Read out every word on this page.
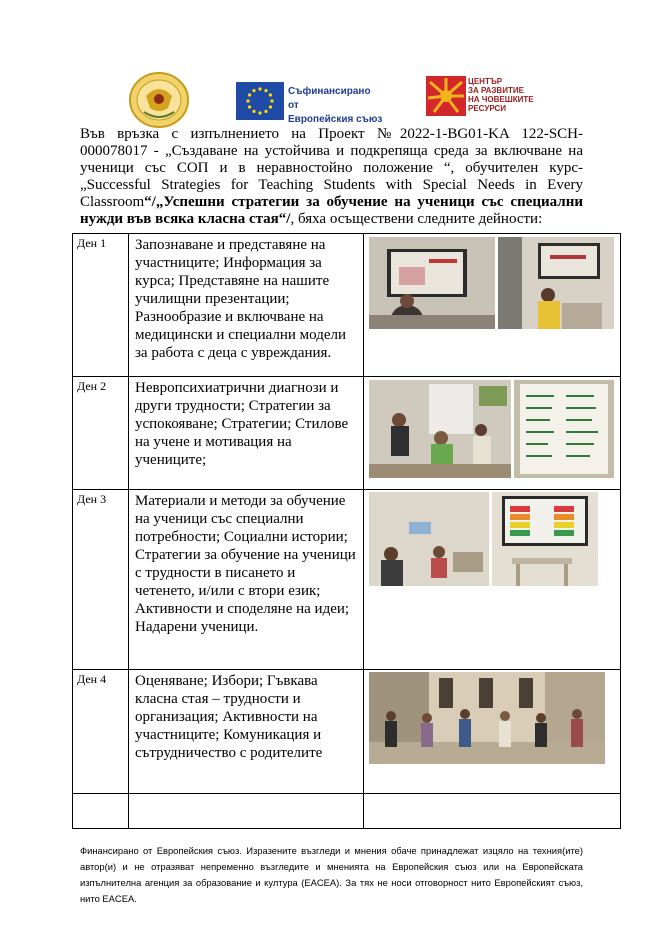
Съфинансирано от
Европейския съюз
ЦЕНТЪР
ЗА РАЗВИТИЕ
НА ЧОВЕШКИТЕ
РЕСУРСИ
Във връзка с изпълнението на Проект №2022-1-BG01-KA 122-SCH-
000078017 - „Създаване на устойчива и подкрепяща среда за включване на
ученици със СОП и в неравностойно положение “, обучителен курс-
„Successful Strategies for Teaching Students with Special Needs in Every
Classroom“/„Успешни стратегии за обучение на ученици със специални
нужди във всяка класна стая“/, бяха осъществени следните дейности:
Ден 1	Запознаване и представяне на участниците; Информация за курса; Представяне на нашите училищни презентации; Разнообразие и включване на медицински и специални модели за работа с деца с увреждания.	

Ден 2	Невропсихиатрични диагнози и други трудности; Стратегии за успокояване; Стратегии; Стилове на учене и мотивация на учениците;	

Ден 3	Материали и методи за обучение на ученици със специални потребности; Социални истории; Стратегии за обучение на ученици с трудности в писането и четенето, и/или с втори език; Активности и споделяне на идеи; Надарени ученици.	

Ден 4	Оценяване; Избори; Гъвкава класна стая – трудности и организация; Активности на участниците; Комуникация и сътрудничество с родителите	

Финансирано от Европейския съюз. Изразените възгледи и мнения обаче принадлежат изцяло на техния(ите) автор(и) и не отразяват непременно възгледите и мненията на Европейския съюз или на Европейската изпълнителна агенция за образование и култура (EACEA). За тях не носи отговорност нито Европейският съюз, нито EACEA.
